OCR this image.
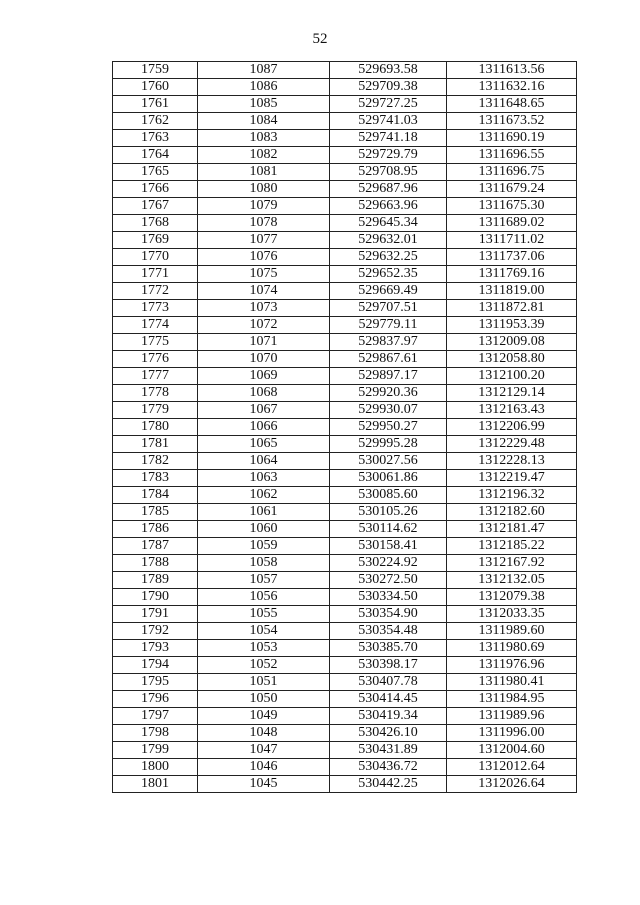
52
1759	1087	529693.58	1311613.56
1760	1086	529709.38	1311632.16
1761	1085	529727.25	1311648.65
1762	1084	529741.03	1311673.52
1763	1083	529741.18	1311690.19
1764	1082	529729.79	1311696.55
1765	1081	529708.95	1311696.75
1766	1080	529687.96	1311679.24
1767	1079	529663.96	1311675.30
1768	1078	529645.34	1311689.02
1769	1077	529632.01	1311711.02
1770	1076	529632.25	1311737.06
1771	1075	529652.35	1311769.16
1772	1074	529669.49	1311819.00
1773	1073	529707.51	1311872.81
1774	1072	529779.11	1311953.39
1775	1071	529837.97	1312009.08
1776	1070	529867.61	1312058.80
1777	1069	529897.17	1312100.20
1778	1068	529920.36	1312129.14
1779	1067	529930.07	1312163.43
1780	1066	529950.27	1312206.99
1781	1065	529995.28	1312229.48
1782	1064	530027.56	1312228.13
1783	1063	530061.86	1312219.47
1784	1062	530085.60	1312196.32
1785	1061	530105.26	1312182.60
1786	1060	530114.62	1312181.47
1787	1059	530158.41	1312185.22
1788	1058	530224.92	1312167.92
1789	1057	530272.50	1312132.05
1790	1056	530334.50	1312079.38
1791	1055	530354.90	1312033.35
1792	1054	530354.48	1311989.60
1793	1053	530385.70	1311980.69
1794	1052	530398.17	1311976.96
1795	1051	530407.78	1311980.41
1796	1050	530414.45	1311984.95
1797	1049	530419.34	1311989.96
1798	1048	530426.10	1311996.00
1799	1047	530431.89	1312004.60
1800	1046	530436.72	1312012.64
1801	1045	530442.25	1312026.64
